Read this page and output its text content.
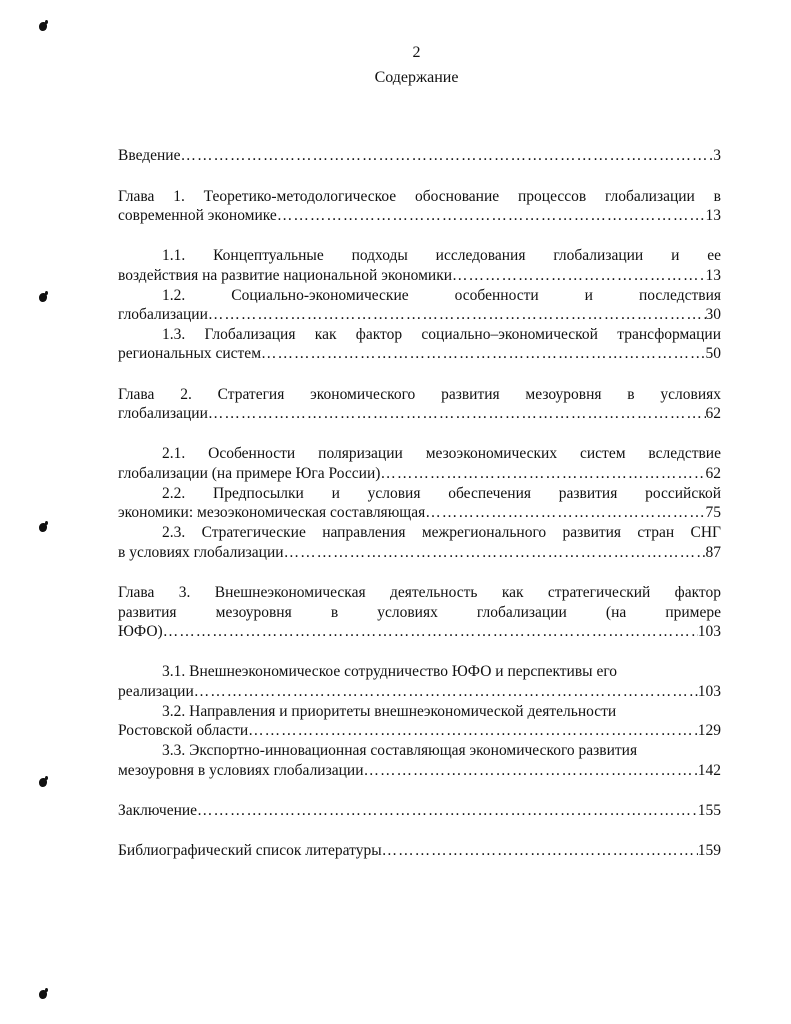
2
Содержание
Введение ……………………………………………………………………………………………………………………………………	3
Глава 1. Теоретико-методологическое обоснование процессов глобализации в
современной экономике ……………………………………………………………………………………………………………………………………	13
1.1. Концептуальные подходы исследования глобализации и ее
воздействия на развитие национальной экономики ……………………………………………………………………………………………………………………………………	13
1.2. Социально-экономические особенности и последствия
глобализации ……………………………………………………………………………………………………………………………………	30
1.3. Глобализация как фактор социально–экономической трансформации
региональных систем ……………………………………………………………………………………………………………………………………	50
Глава 2. Стратегия экономического развития мезоуровня в условиях
глобализации ……………………………………………………………………………………………………………………………………	62
2.1. Особенности поляризации мезоэкономических систем вследствие
глобализации (на примере Юга России) ……………………………………………………………………………………………………………………………………	62
2.2. Предпосылки и условия обеспечения развития российской
экономики: мезоэкономическая составляющая ……………………………………………………………………………………………………………………………………	75
2.3. Стратегические направления межрегионального развития стран СНГ
в условиях глобализации ……………………………………………………………………………………………………………………………………	87
Глава 3. Внешнеэкономическая деятельность как стратегический фактор
развития мезоуровня в условиях глобализации (на примере
ЮФО) ……………………………………………………………………………………………………………………………………	103
3.1. Внешнеэкономическое сотрудничество ЮФО и перспективы его
реализации ……………………………………………………………………………………………………………………………………	103
3.2. Направления и приоритеты внешнеэкономической деятельности
Ростовской области ……………………………………………………………………………………………………………………………………	129
3.3. Экспортно-инновационная составляющая экономического развития
мезоуровня в условиях глобализации ……………………………………………………………………………………………………………………………………	142
Заключение ……………………………………………………………………………………………………………………………………	155
Библиографический список литературы ……………………………………………………………………………………………………………………………………	159
